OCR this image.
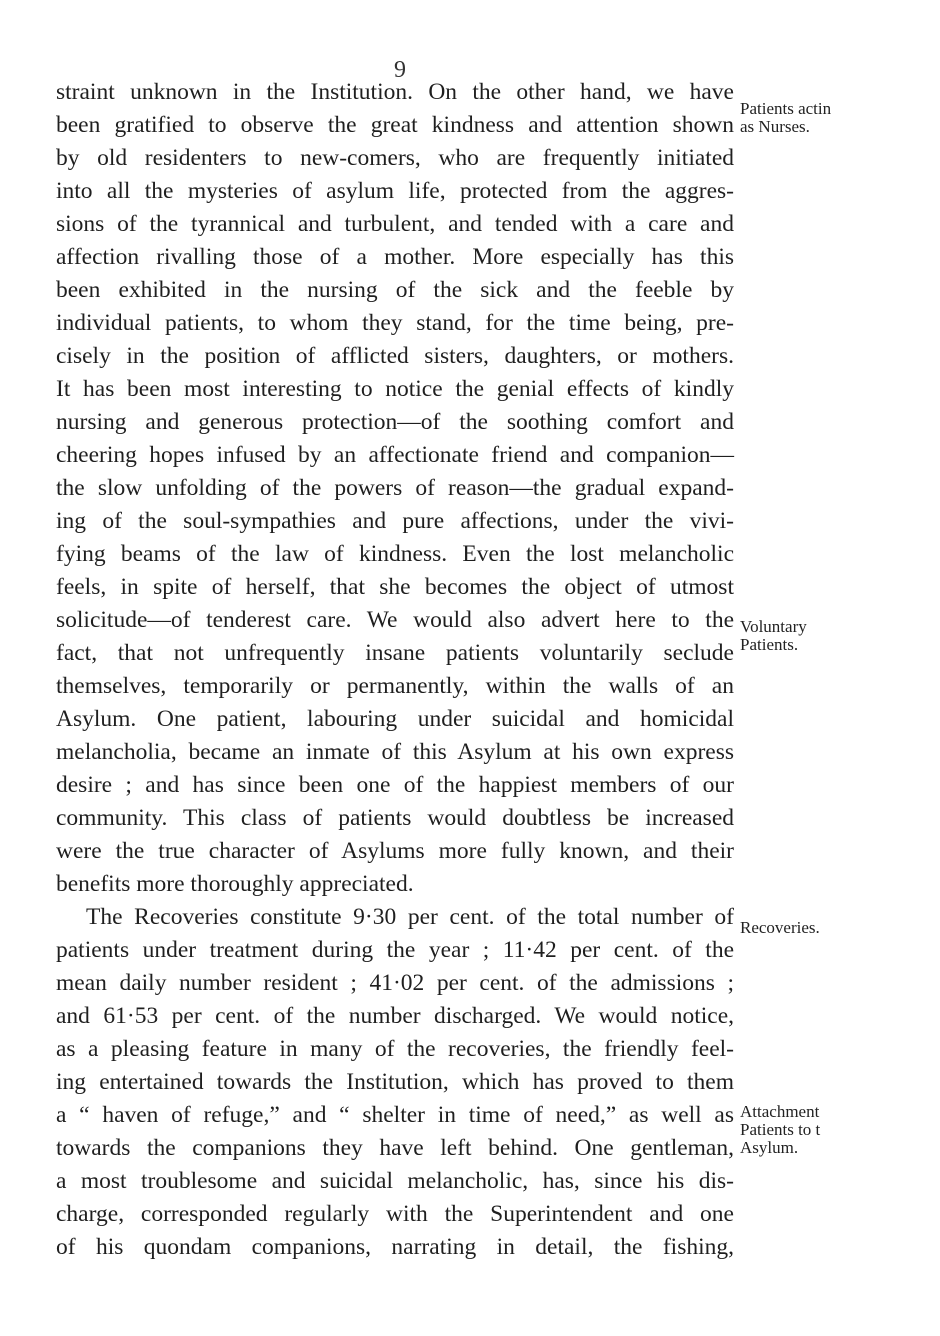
9
straint unknown in the Institution. On the other hand, we have
been gratified to observe the great kindness and attention shown
by old residenters to new-comers, who are frequently initiated
into all the mysteries of asylum life, protected from the aggres-
sions of the tyrannical and turbulent, and tended with a care and
affection rivalling those of a mother. More especially has this
been exhibited in the nursing of the sick and the feeble by
individual patients, to whom they stand, for the time being, pre-
cisely in the position of afflicted sisters, daughters, or mothers.
It has been most interesting to notice the genial effects of kindly
nursing and generous protection—of the soothing comfort and
cheering hopes infused by an affectionate friend and companion—
the slow unfolding of the powers of reason—the gradual expand-
ing of the soul-sympathies and pure affections, under the vivi-
fying beams of the law of kindness. Even the lost melancholic
feels, in spite of herself, that she becomes the object of utmost
solicitude—of tenderest care. We would also advert here to the
fact, that not unfrequently insane patients voluntarily seclude
themselves, temporarily or permanently, within the walls of an
Asylum. One patient, labouring under suicidal and homicidal
melancholia, became an inmate of this Asylum at his own express
desire ; and has since been one of the happiest members of our
community. This class of patients would doubtless be increased
were the true character of Asylums more fully known, and their
benefits more thoroughly appreciated.
The Recoveries constitute 9·30 per cent. of the total number of
patients under treatment during the year ; 11·42 per cent. of the
mean daily number resident ; 41·02 per cent. of the admissions ;
and 61·53 per cent. of the number discharged. We would notice,
as a pleasing feature in many of the recoveries, the friendly feel-
ing entertained towards the Institution, which has proved to them
a “ haven of refuge,” and “ shelter in time of need,” as well as
towards the companions they have left behind. One gentleman,
a most troublesome and suicidal melancholic, has, since his dis-
charge, corresponded regularly with the Superintendent and one
of his quondam companions, narrating in detail, the fishing,
Patients actin
as Nurses.
Voluntary
Patients.
Recoveries.
Attachment
Patients to t
Asylum.
